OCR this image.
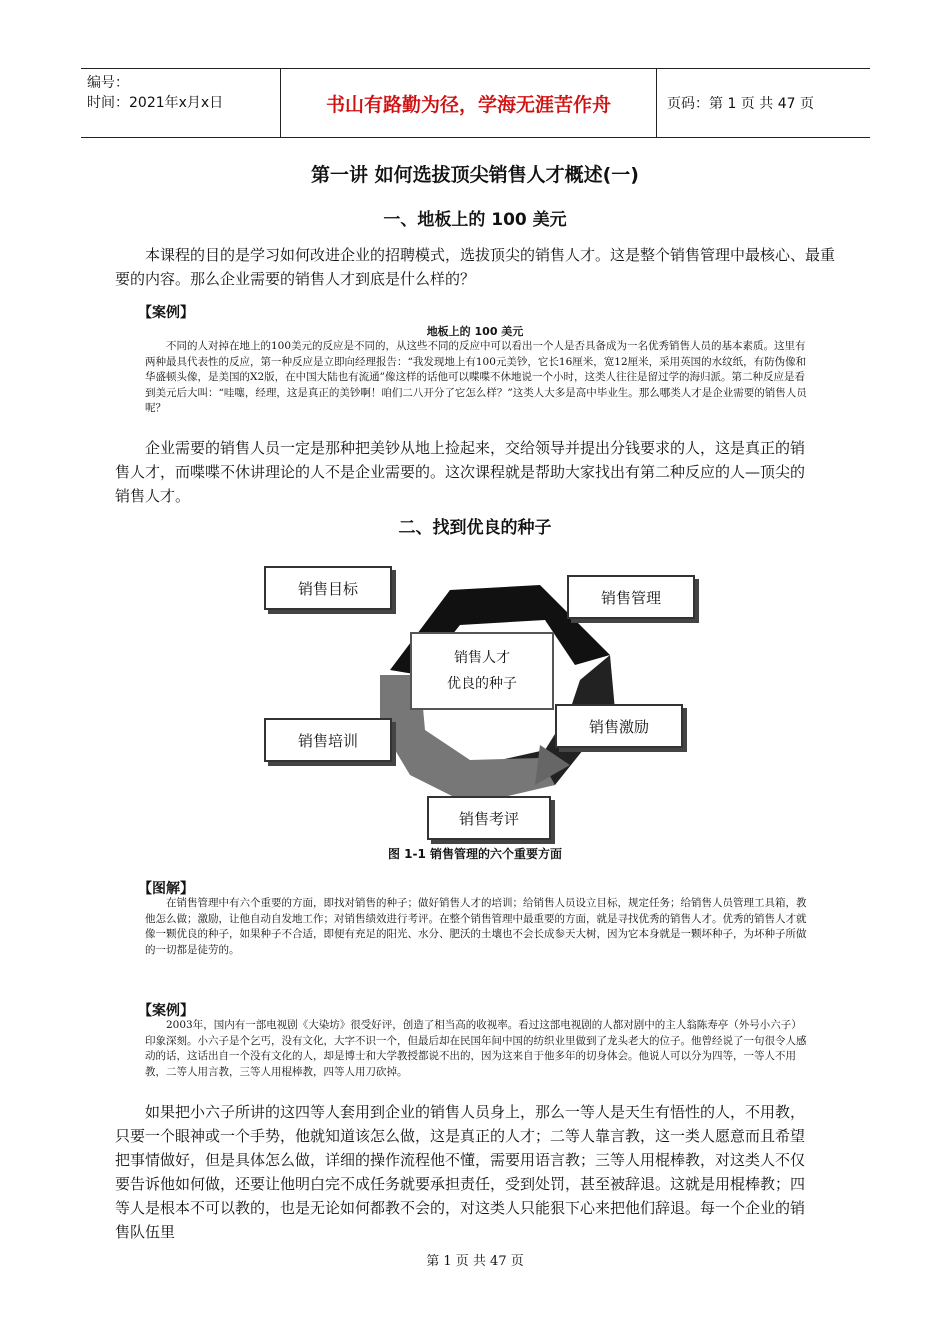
编号：
时间：2021年x月x日	书山有路勤为径，学海无涯苦作舟	页码：第 1 页 共 47 页
第一讲 如何选拔顶尖销售人才概述(一)
一、地板上的 100 美元

本课程的目的是学习如何改进企业的招聘模式，选拔顶尖的销售人才。这是整个销售管理中最核心、最重要的内容。那么企业需要的销售人才到底是什么样的？

【案例】
地板上的 100 美元

不同的人对掉在地上的100美元的反应是不同的，从这些不同的反应中可以看出一个人是否具备成为一名优秀销售人员的基本素质。这里有两种最具代表性的反应，第一种反应是立即向经理报告：“我发现地上有100元美钞，它长16厘米，宽12厘米，采用英国的水纹纸，有防伪像和华盛顿头像，是美国的X2版，在中国大陆也有流通”像这样的话他可以喋喋不休地说一个小时，这类人往往是留过学的海归派。第二种反应是看到美元后大叫：“哇噻，经理，这是真正的美钞啊！咱们二八开分了它怎么样？”这类人大多是高中毕业生。那么哪类人才是企业需要的销售人员呢？

企业需要的销售人员一定是那种把美钞从地上捡起来，交给领导并提出分钱要求的人，这是真正的销售人才，而喋喋不休讲理论的人不是企业需要的。这次课程就是帮助大家找出有第二种反应的人—顶尖的销售人才。

二、找到优良的种子
销售人才
优良的种子
销售目标	销售管理
销售激励
销售培训
销售考评
图 1-1 销售管理的六个重要方面
【图解】

在销售管理中有六个重要的方面，即找对销售的种子；做好销售人才的培训；给销售人员设立目标，规定任务；给销售人员管理工具箱，教他怎么做；激励，让他自动自发地工作；对销售绩效进行考评。在整个销售管理中最重要的方面，就是寻找优秀的销售人才。优秀的销售人才就像一颗优良的种子，如果种子不合适，即便有充足的阳光、水分、肥沃的土壤也不会长成参天大树，因为它本身就是一颗坏种子，为坏种子所做的一切都是徒劳的。

【案例】

2003年，国内有一部电视剧《大染坊》很受好评，创造了相当高的收视率。看过这部电视剧的人都对剧中的主人翁陈寿亭（外号小六子）印象深刻。小六子是个乞丐，没有文化，大字不识一个，但最后却在民国年间中国的纺织业里做到了龙头老大的位子。他曾经说了一句很令人感动的话，这话出自一个没有文化的人，却是博士和大学教授都说不出的，因为这来自于他多年的切身体会。他说人可以分为四等，一等人不用教，二等人用言教，三等人用棍棒教，四等人用刀砍掉。

如果把小六子所讲的这四等人套用到企业的销售人员身上，那么一等人是天生有悟性的人，不用教，只要一个眼神或一个手势，他就知道该怎么做，这是真正的人才；二等人靠言教，这一类人愿意而且希望把事情做好，但是具体怎么做，详细的操作流程他不懂，需要用语言教；三等人用棍棒教，对这类人不仅要告诉他如何做，还要让他明白完不成任务就要承担责任，受到处罚，甚至被辞退。这就是用棍棒教；四等人是根本不可以教的，也是无论如何都教不会的，对这类人只能狠下心来把他们辞退。每一个企业的销售队伍里

第 1 页 共 47 页
